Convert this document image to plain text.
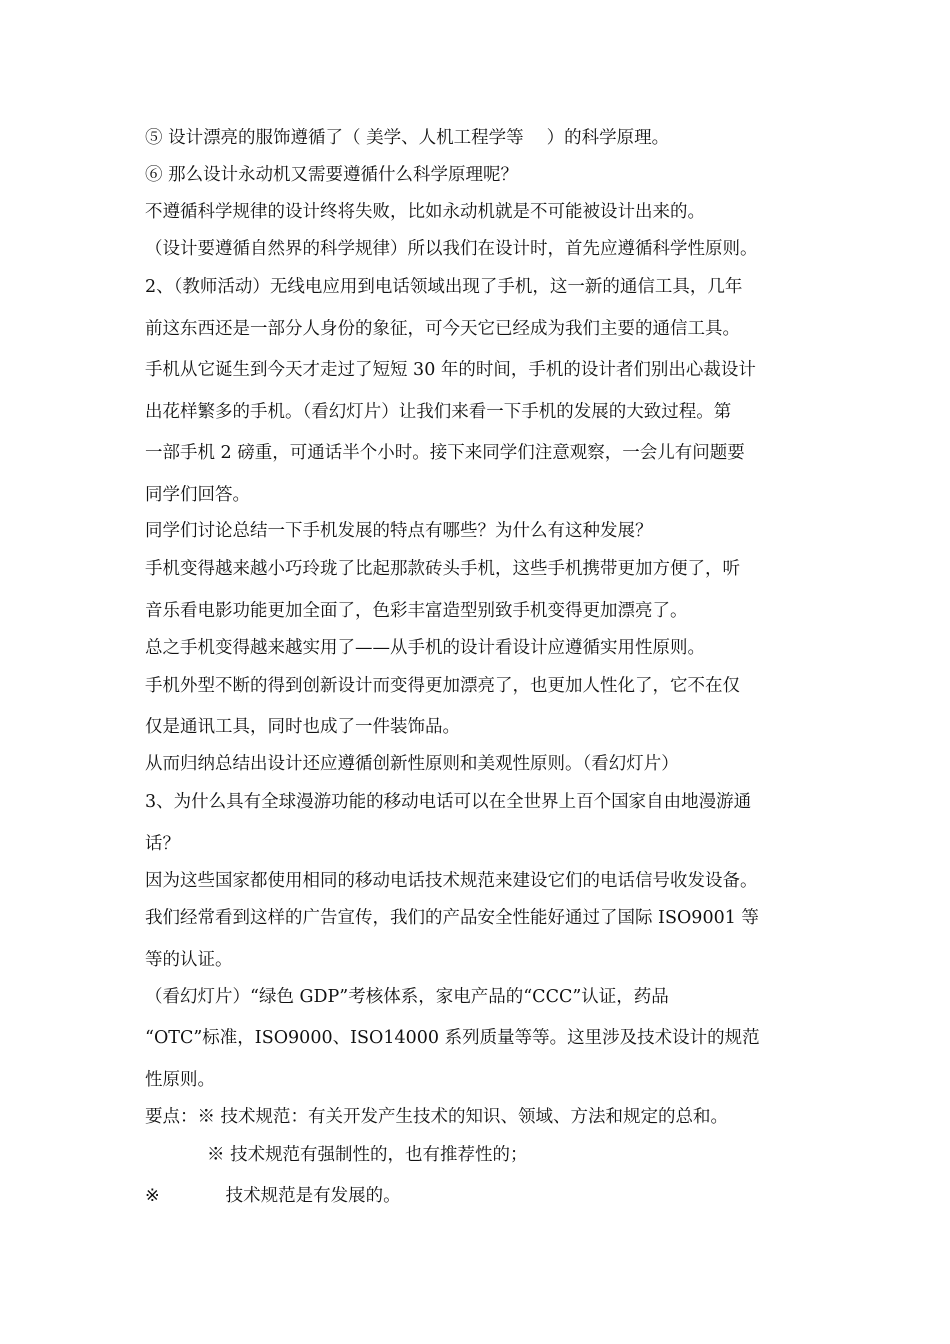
⑤ 设计漂亮的服饰遵循了（ 美学、人机工程学等　 ）的科学原理。
⑥ 那么设计永动机又需要遵循什么科学原理呢？
不遵循科学规律的设计终将失败，比如永动机就是不可能被设计出来的。
（设计要遵循自然界的科学规律）所以我们在设计时，首先应遵循科学性原则。
2、（教师活动）无线电应用到电话领域出现了手机，这一新的通信工具，几年
前这东西还是一部分人身份的象征，可今天它已经成为我们主要的通信工具。
手机从它诞生到今天才走过了短短 30 年的时间，手机的设计者们别出心裁设计
出花样繁多的手机。（看幻灯片）让我们来看一下手机的发展的大致过程。第
一部手机 2 磅重，可通话半个小时。接下来同学们注意观察，一会儿有问题要
同学们回答。
同学们讨论总结一下手机发展的特点有哪些？为什么有这种发展？
手机变得越来越小巧玲珑了比起那款砖头手机，这些手机携带更加方便了，听
音乐看电影功能更加全面了，色彩丰富造型别致手机变得更加漂亮了。
总之手机变得越来越实用了——从手机的设计看设计应遵循实用性原则。
手机外型不断的得到创新设计而变得更加漂亮了，也更加人性化了，它不在仅
仅是通讯工具，同时也成了一件装饰品。
从而归纳总结出设计还应遵循创新性原则和美观性原则。（看幻灯片）
3、为什么具有全球漫游功能的移动电话可以在全世界上百个国家自由地漫游通
话？
因为这些国家都使用相同的移动电话技术规范来建设它们的电话信号收发设备。
我们经常看到这样的广告宣传，我们的产品安全性能好通过了国际 ISO9001 等
等的认证。
（看幻灯片）“绿色 GDP”考核体系，家电产品的“CCC”认证，药品
“OTC”标准，ISO9000、ISO14000 系列质量等等。这里涉及技术设计的规范
性原则。
要点：※ 技术规范：有关开发产生技术的知识、领域、方法和规定的总和。
※ 技术规范有强制性的，也有推荐性的；
※	技术规范是有发展的。
